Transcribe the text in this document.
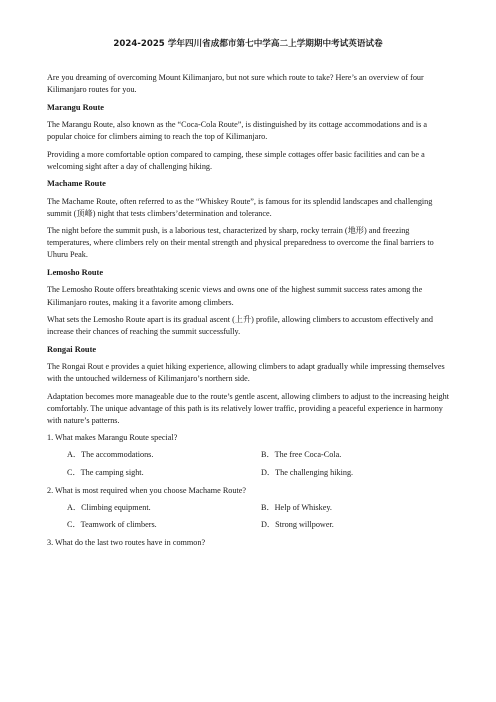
2024-2025 学年四川省成都市第七中学高二上学期期中考试英语试卷

Are you dreaming of overcoming Mount Kilimanjaro, but not sure which route to take? Here’s an overview of four Kilimanjaro routes for you.

Marangu Route

The Marangu Route, also known as the “Coca-Cola Route”, is distinguished by its cottage accommodations and is a popular choice for climbers aiming to reach the top of Kilimanjaro.

Providing a more comfortable option compared to camping, these simple cottages offer basic facilities and can be a welcoming sight after a day of challenging hiking.

Machame Route

The Machame Route, often referred to as the “Whiskey Route”, is famous for its splendid landscapes and challenging summit (顶峰) night that tests climbers’determination and tolerance.

The night before the summit push, is a laborious test, characterized by sharp, rocky terrain (地形) and freezing temperatures, where climbers rely on their mental strength and physical preparedness to overcome the final barriers to Uhuru Peak.

Lemosho Route

The Lemosho Route offers breathtaking scenic views and owns one of the highest summit success rates among the Kilimanjaro routes, making it a favorite among climbers.

What sets the Lemosho Route apart is its gradual ascent (上升) profile, allowing climbers to accustom effectively and increase their chances of reaching the summit successfully.

Rongai Route

The Rongai Rout e provides a quiet hiking experience, allowing climbers to adapt gradually while impressing themselves with the untouched wilderness of Kilimanjaro’s northern side.

Adaptation becomes more manageable due to the route’s gentle ascent, allowing climbers to adjust to the increasing height comfortably. The unique advantage of this path is its relatively lower traffic, providing a peaceful experience in harmony with nature’s patterns.

1. What makes Marangu Route special?
A．The accommodations.	B．The free Coca-Cola.
C．The camping sight.	D．The challenging hiking.
2. What is most required when you choose Machame Route?
A．Climbing equipment.	B．Help of Whiskey.
C．Teamwork of climbers.	D．Strong willpower.
3. What do the last two routes have in common?
